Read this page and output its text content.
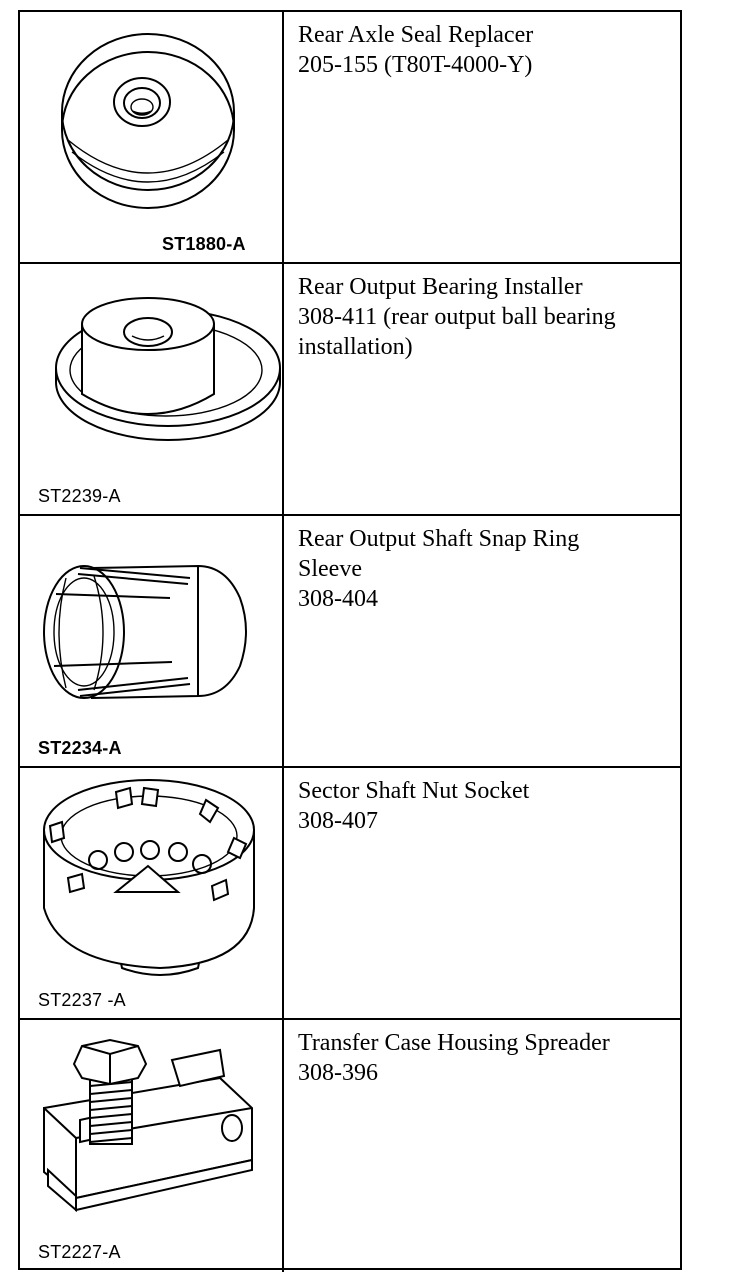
ST1880-A
Rear Axle Seal Replacer
205-155 (T80T-4000-Y)
ST2239-A
Rear Output Bearing Installer
308-411 (rear output ball bearing
installation)
ST2234-A
Rear Output Shaft Snap Ring
Sleeve
308-404
ST2237 -A
Sector Shaft Nut Socket
308-407
ST2227-A
Transfer Case Housing Spreader
308-396
